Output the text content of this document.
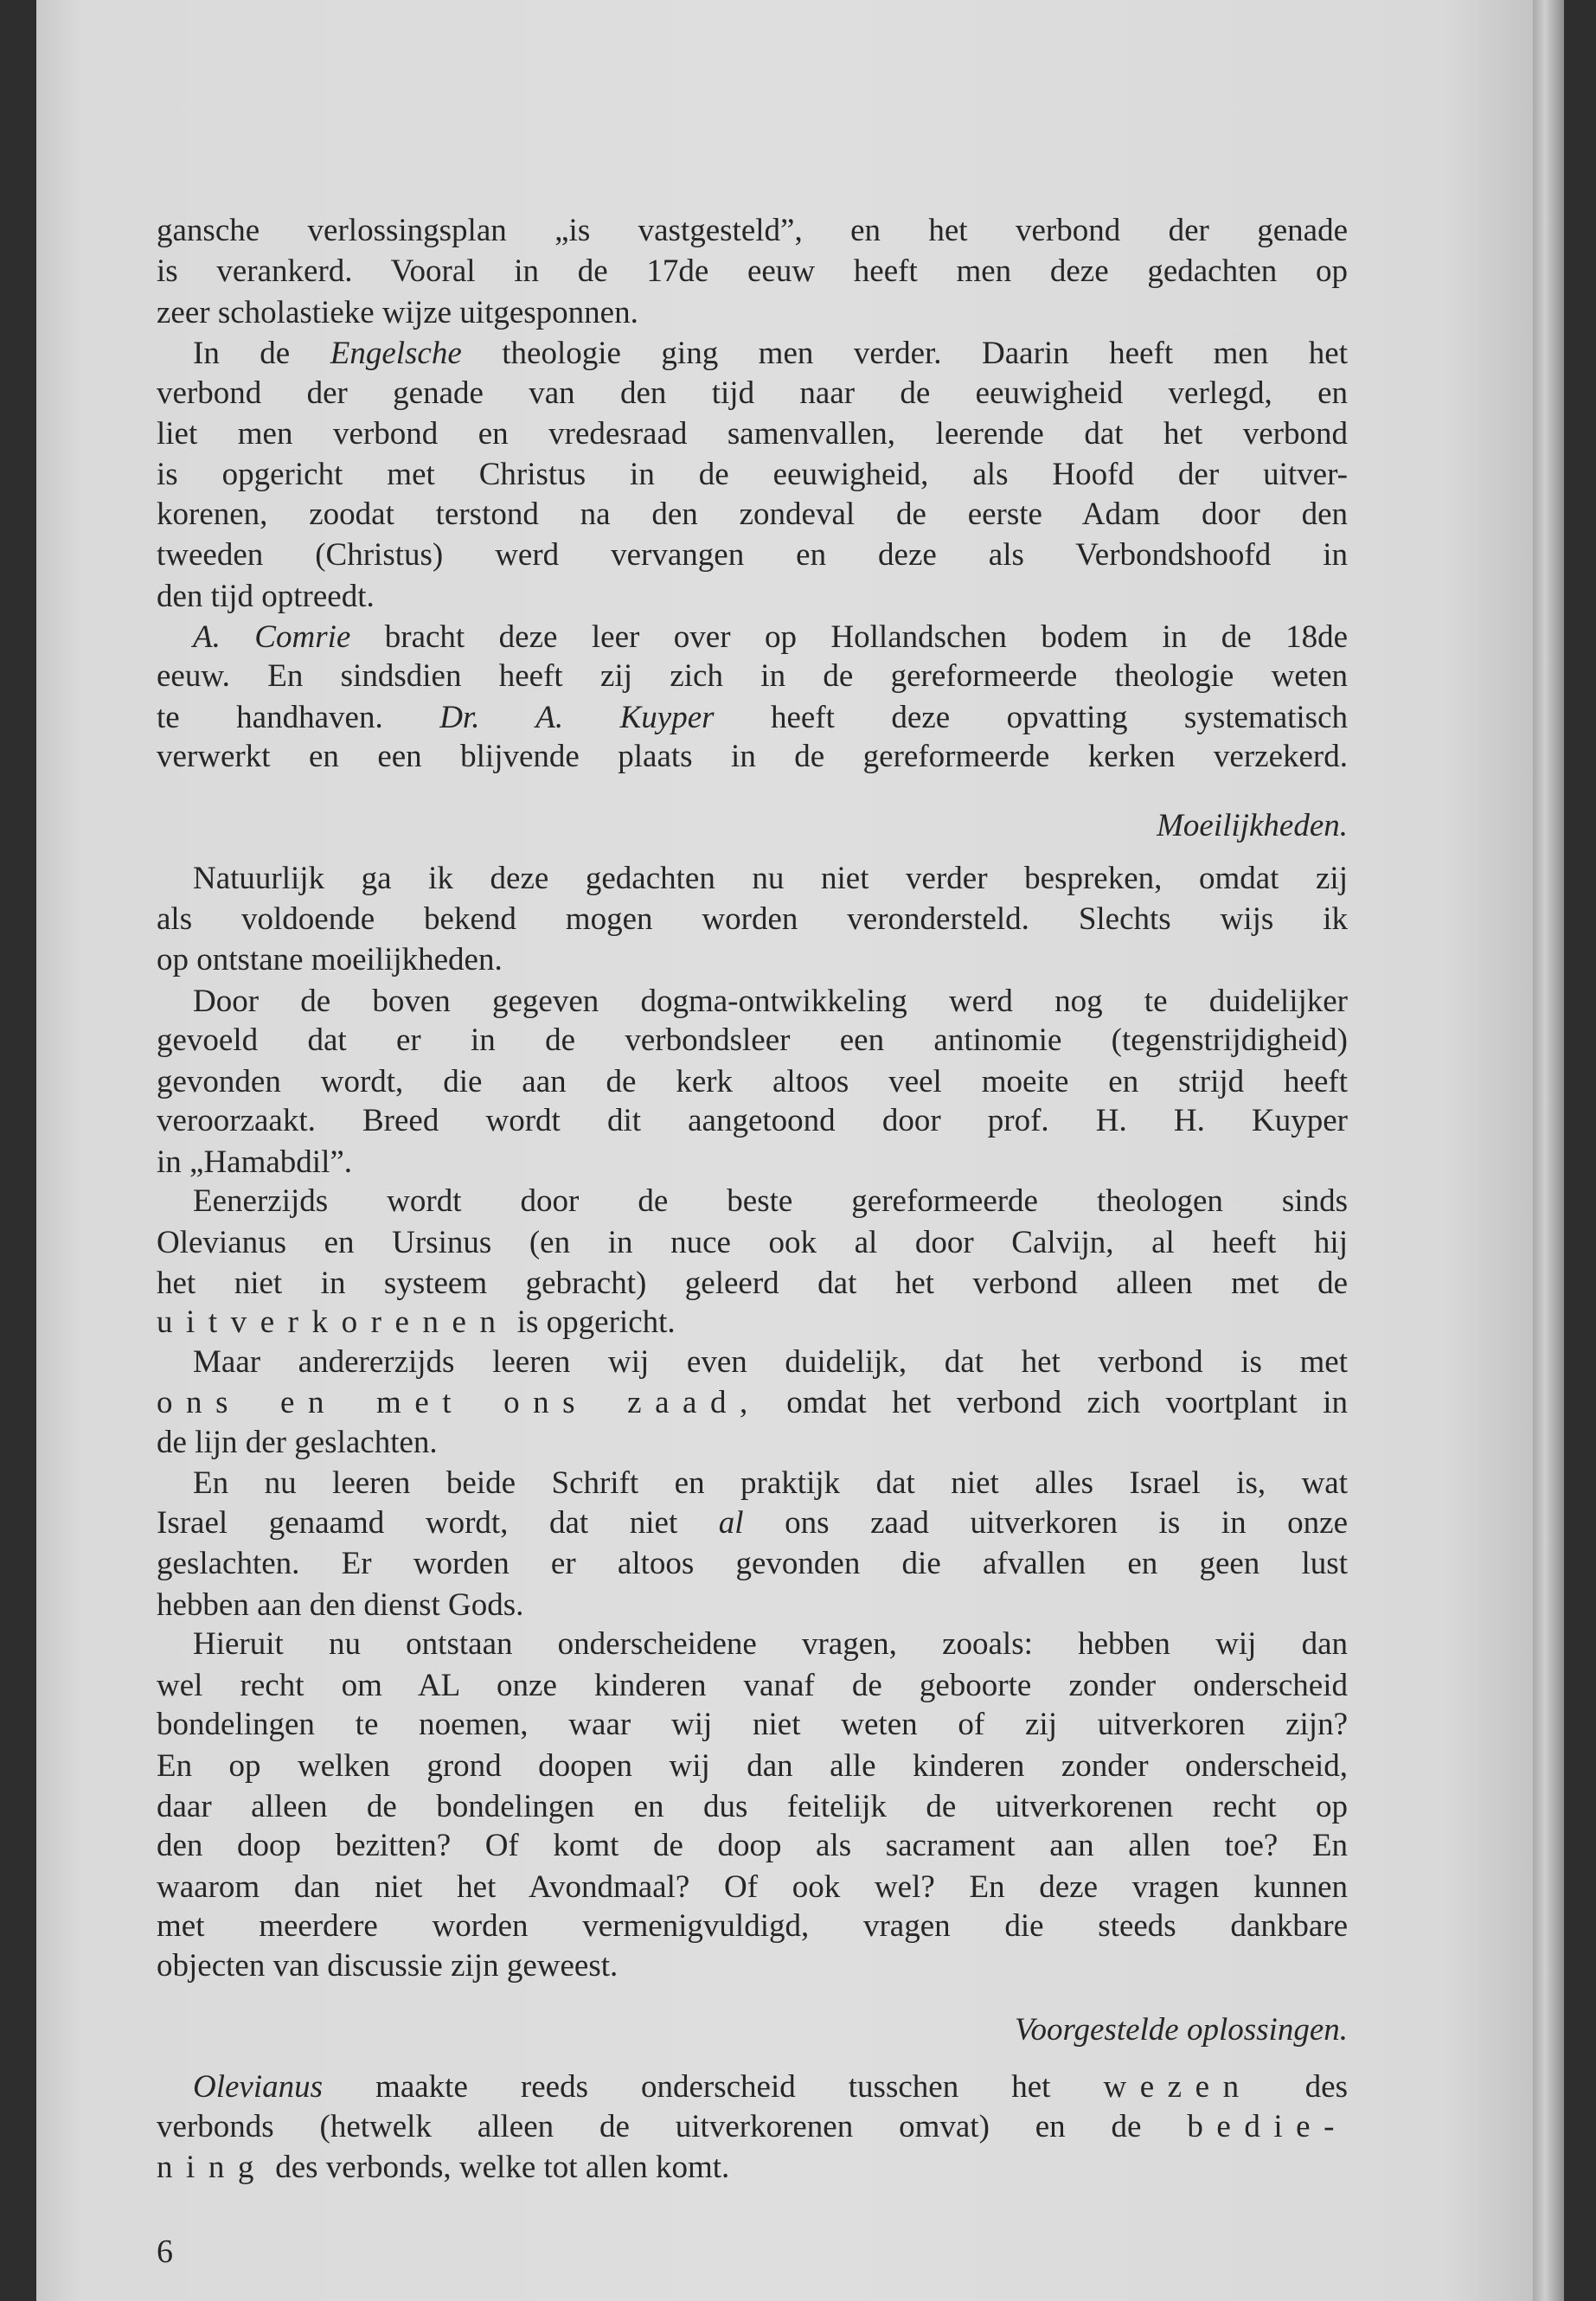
Moeilijkheden.
Voorgestelde oplossingen.
6
gansche verlossingsplan „is vastgesteld”, en het verbond der genade
is verankerd. Vooral in de 17de eeuw heeft men deze gedachten op
zeer scholastieke wijze uitgesponnen.
In de Engelsche theologie ging men verder. Daarin heeft men het
verbond der genade van den tijd naar de eeuwigheid verlegd, en
liet men verbond en vredesraad samenvallen, leerende dat het verbond
is opgericht met Christus in de eeuwigheid, als Hoofd der uitver-
korenen, zoodat terstond na den zondeval de eerste Adam door den
tweeden (Christus) werd vervangen en deze als Verbondshoofd in
den tijd optreedt.
A. Comrie bracht deze leer over op Hollandschen bodem in de 18de
eeuw. En sindsdien heeft zij zich in de gereformeerde theologie weten
te handhaven. Dr. A. Kuyper heeft deze opvatting systematisch
verwerkt en een blijvende plaats in de gereformeerde kerken verzekerd.
Natuurlijk ga ik deze gedachten nu niet verder bespreken, omdat zij
als voldoende bekend mogen worden verondersteld. Slechts wijs ik
op ontstane moeilijkheden.
Door de boven gegeven dogma-ontwikkeling werd nog te duidelijker
gevoeld dat er in de verbondsleer een antinomie (tegenstrijdigheid)
gevonden wordt, die aan de kerk altoos veel moeite en strijd heeft
veroorzaakt. Breed wordt dit aangetoond door prof. H. H. Kuyper
in „Hamabdil”.
Eenerzijds wordt door de beste gereformeerde theologen sinds
Olevianus en Ursinus (en in nuce ook al door Calvijn, al heeft hij
het niet in systeem gebracht) geleerd dat het verbond alleen met de
uitverkorenen is opgericht.
Maar andererzijds leeren wij even duidelijk, dat het verbond is met
ons en met ons zaad, omdat het verbond zich voortplant in
de lijn der geslachten.
En nu leeren beide Schrift en praktijk dat niet alles Israel is, wat
Israel genaamd wordt, dat niet al ons zaad uitverkoren is in onze
geslachten. Er worden er altoos gevonden die afvallen en geen lust
hebben aan den dienst Gods.
Hieruit nu ontstaan onderscheidene vragen, zooals: hebben wij dan
wel recht om AL onze kinderen vanaf de geboorte zonder onderscheid
bondelingen te noemen, waar wij niet weten of zij uitverkoren zijn?
En op welken grond doopen wij dan alle kinderen zonder onderscheid,
daar alleen de bondelingen en dus feitelijk de uitverkorenen recht op
den doop bezitten? Of komt de doop als sacrament aan allen toe? En
waarom dan niet het Avondmaal? Of ook wel? En deze vragen kunnen
met meerdere worden vermenigvuldigd, vragen die steeds dankbare
objecten van discussie zijn geweest.
Olevianus maakte reeds onderscheid tusschen het wezen des
verbonds (hetwelk alleen de uitverkorenen omvat) en de bedie-
ning des verbonds, welke tot allen komt.
